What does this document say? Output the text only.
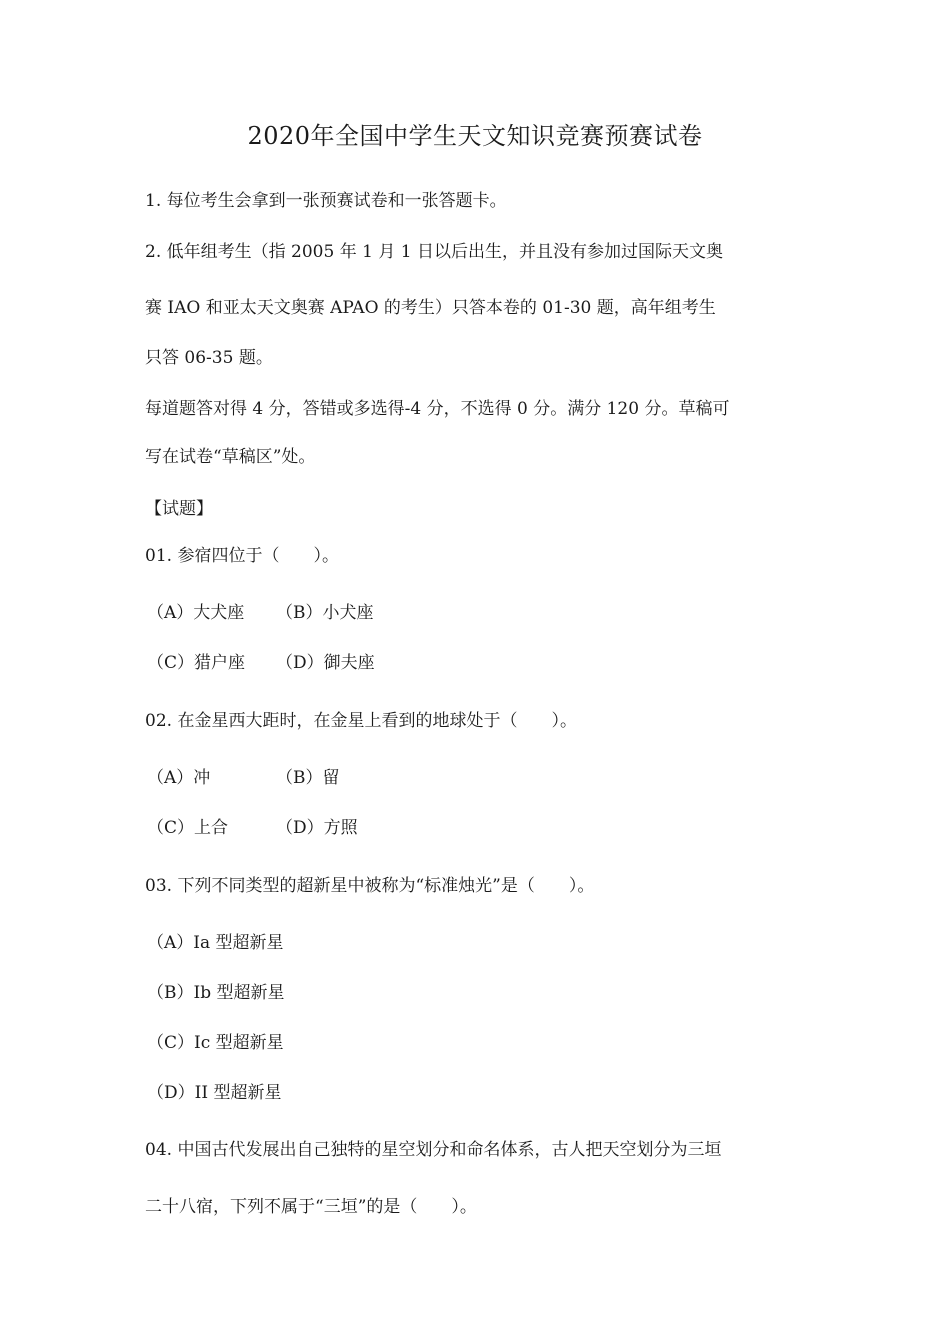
2020年全国中学生天文知识竞赛预赛试卷
1. 每位考生会拿到一张预赛试卷和一张答题卡。
2. 低年组考生（指 2005 年 1 月 1 日以后出生，并且没有参加过国际天文奥
赛 IAO 和亚太天文奥赛 APAO 的考生）只答本卷的 01-30 题，高年组考生
只答 06-35 题。
每道题答对得 4 分，答错或多选得-4 分，不选得 0 分。满分 120 分。草稿可
写在试卷“草稿区”处。
【试题】
01. 参宿四位于（　　）。
（A）大犬座 （B）小犬座
（C）猎户座 （D）御夫座
02. 在金星西大距时，在金星上看到的地球处于（　　）。
（A）冲	（B）留
（C）上合	（D）方照
03. 下列不同类型的超新星中被称为“标准烛光”是（　　）。
（A）Ia 型超新星
（B）Ib 型超新星
（C）Ic 型超新星
（D）II 型超新星
04. 中国古代发展出自己独特的星空划分和命名体系，古人把天空划分为三垣
二十八宿，下列不属于“三垣”的是（　　）。
